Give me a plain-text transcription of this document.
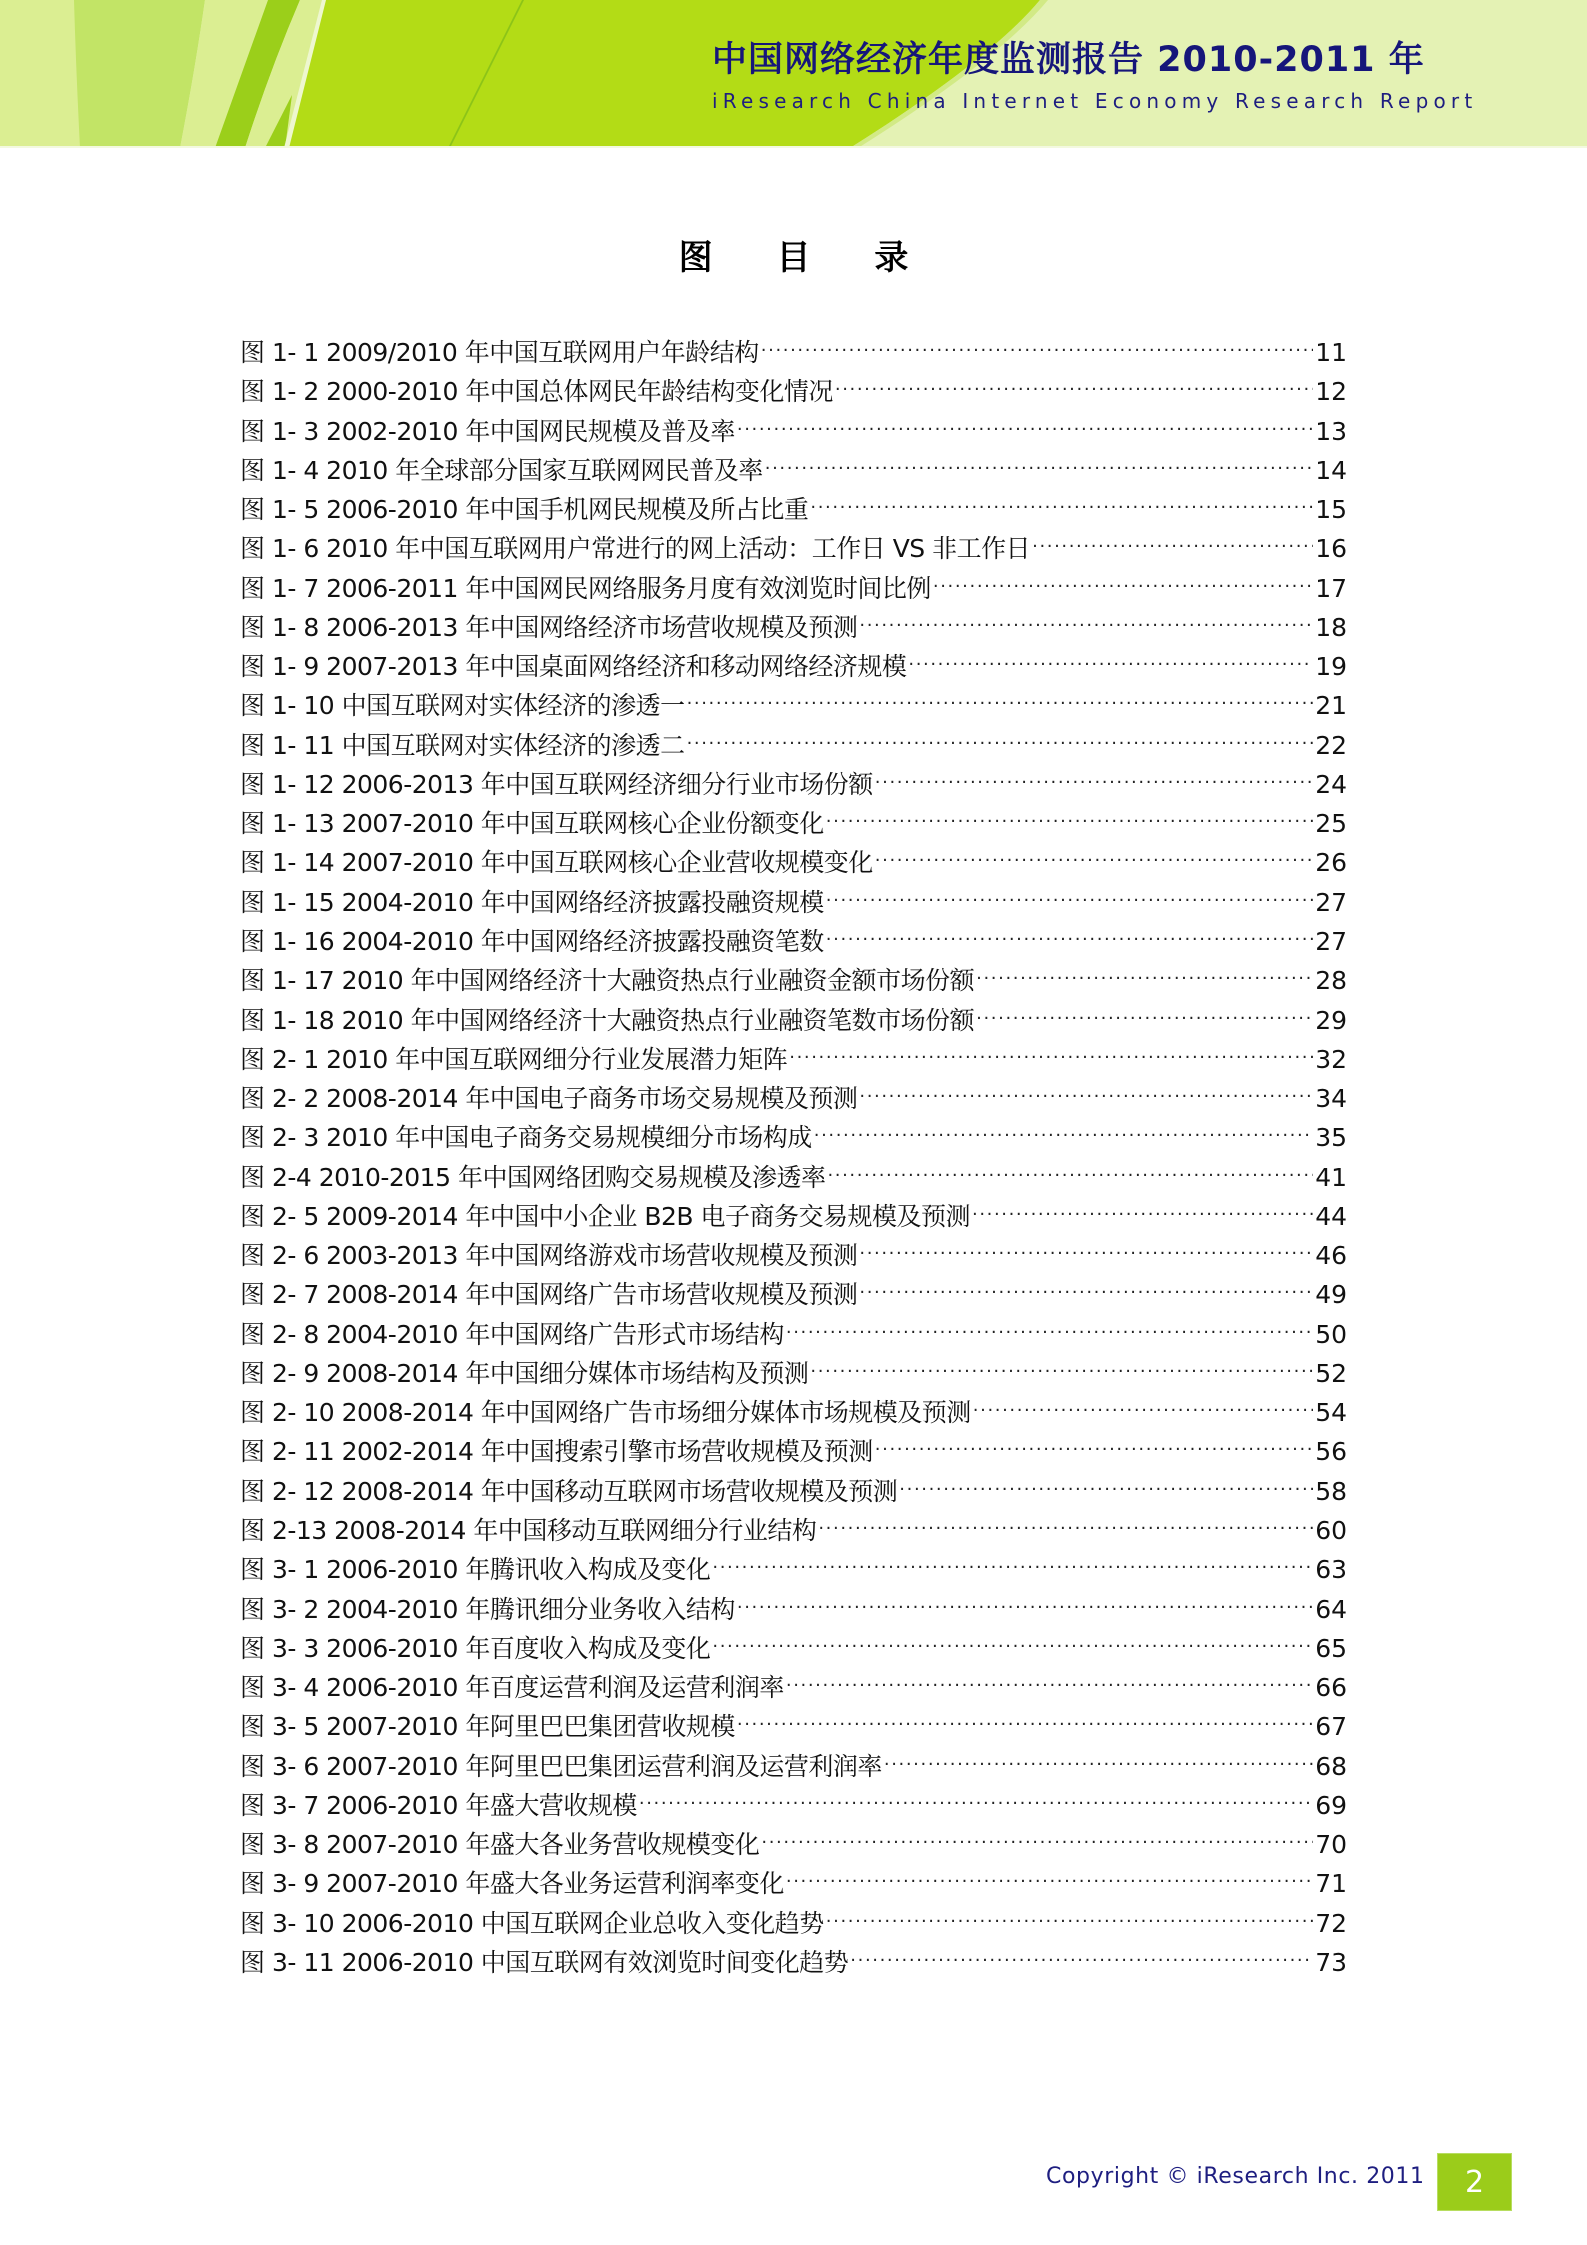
中国网络经济年度监测报告 2010-2011 年
iResearch China Internet Economy Research Report
图 目 录
图 1- 1 2009/2010 年中国互联网用户年龄结构 .....	11
图 1- 2 2000-2010 年中国总体网民年龄结构变化情况 .....	12
图 1- 3 2002-2010 年中国网民规模及普及率 .....	13
图 1- 4 2010 年全球部分国家互联网网民普及率 .....	14
图 1- 5 2006-2010 年中国手机网民规模及所占比重 .....	15
图 1- 6 2010 年中国互联网用户常进行的网上活动：工作日 VS 非工作日 .....	16
图 1- 7 2006-2011 年中国网民网络服务月度有效浏览时间比例 .....	17
图 1- 8 2006-2013 年中国网络经济市场营收规模及预测 .....	18
图 1- 9 2007-2013 年中国桌面网络经济和移动网络经济规模 .....	19
图 1- 10 中国互联网对实体经济的渗透一 .....	21
图 1- 11 中国互联网对实体经济的渗透二 .....	22
图 1- 12 2006-2013 年中国互联网经济细分行业市场份额 .....	24
图 1- 13 2007-2010 年中国互联网核心企业份额变化 .....	25
图 1- 14 2007-2010 年中国互联网核心企业营收规模变化 .....	26
图 1- 15 2004-2010 年中国网络经济披露投融资规模 .....	27
图 1- 16 2004-2010 年中国网络经济披露投融资笔数 .....	27
图 1- 17 2010 年中国网络经济十大融资热点行业融资金额市场份额 .....	28
图 1- 18 2010 年中国网络经济十大融资热点行业融资笔数市场份额 .....	29
图 2- 1 2010 年中国互联网细分行业发展潜力矩阵 .....	32
图 2- 2 2008-2014 年中国电子商务市场交易规模及预测 .....	34
图 2- 3 2010 年中国电子商务交易规模细分市场构成 .....	35
图 2-4 2010-2015 年中国网络团购交易规模及渗透率 .....	41
图 2- 5 2009-2014 年中国中小企业 B2B 电子商务交易规模及预测 .....	44
图 2- 6 2003-2013 年中国网络游戏市场营收规模及预测 .....	46
图 2- 7 2008-2014 年中国网络广告市场营收规模及预测 .....	49
图 2- 8 2004-2010 年中国网络广告形式市场结构 .....	50
图 2- 9 2008-2014 年中国细分媒体市场结构及预测 .....	52
图 2- 10 2008-2014 年中国网络广告市场细分媒体市场规模及预测 .....	54
图 2- 11 2002-2014 年中国搜索引擎市场营收规模及预测 .....	56
图 2- 12 2008-2014 年中国移动互联网市场营收规模及预测 .....	58
图 2-13 2008-2014 年中国移动互联网细分行业结构 .....	60
图 3- 1 2006-2010 年腾讯收入构成及变化 .....	63
图 3- 2 2004-2010 年腾讯细分业务收入结构 .....	64
图 3- 3 2006-2010 年百度收入构成及变化 .....	65
图 3- 4 2006-2010 年百度运营利润及运营利润率 .....	66
图 3- 5 2007-2010 年阿里巴巴集团营收规模 .....	67
图 3- 6 2007-2010 年阿里巴巴集团运营利润及运营利润率 .....	68
图 3- 7 2006-2010 年盛大营收规模 .....	69
图 3- 8 2007-2010 年盛大各业务营收规模变化 .....	70
图 3- 9 2007-2010 年盛大各业务运营利润率变化 .....	71
图 3- 10 2006-2010 中国互联网企业总收入变化趋势 .....	72
图 3- 11 2006-2010 中国互联网有效浏览时间变化趋势 .....	73
Copyright © iResearch Inc. 2011	2
